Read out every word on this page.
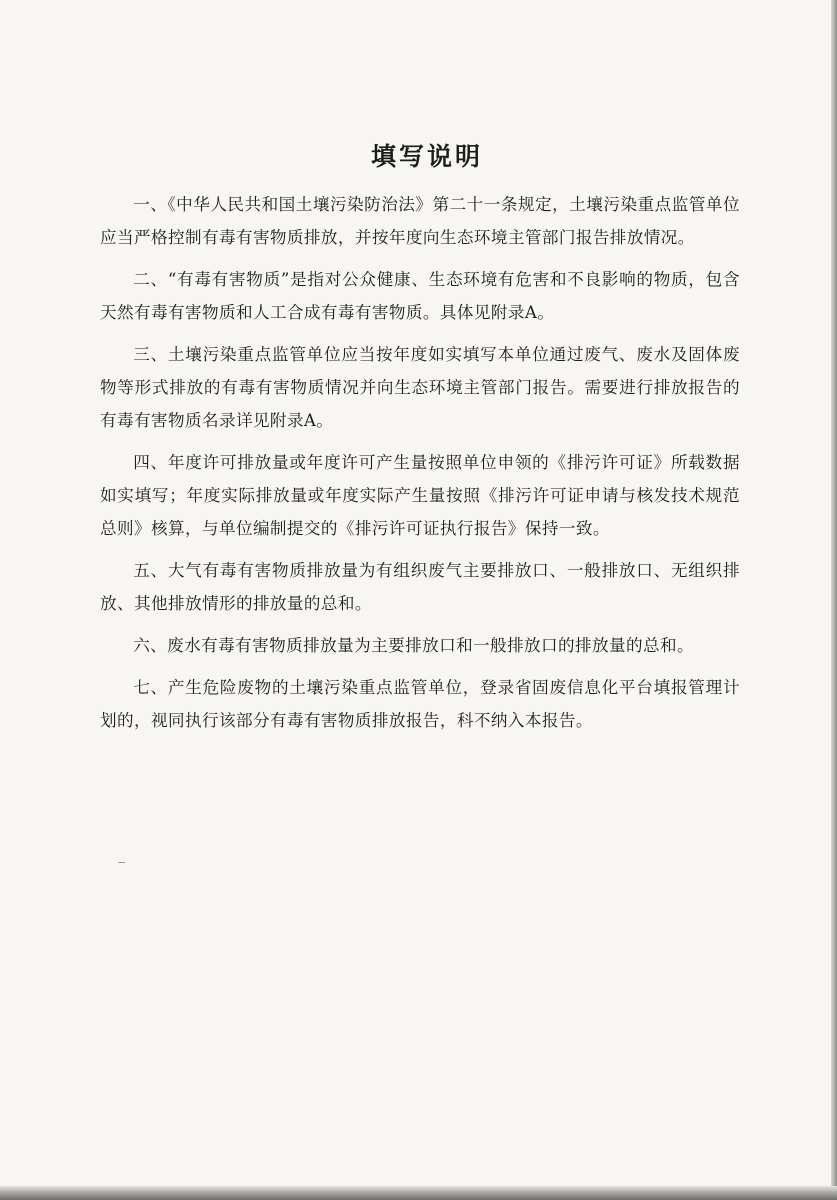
填写说明

一、《中华人民共和国土壤污染防治法》第二十一条规定，土壤污染重点监管单位应当严格控制有毒有害物质排放，并按年度向生态环境主管部门报告排放情况。

二、“有毒有害物质”是指对公众健康、生态环境有危害和不良影响的物质，包含天然有毒有害物质和人工合成有毒有害物质。具体见附录A。

三、土壤污染重点监管单位应当按年度如实填写本单位通过废气、废水及固体废物等形式排放的有毒有害物质情况并向生态环境主管部门报告。需要进行排放报告的有毒有害物质名录详见附录A。

四、年度许可排放量或年度许可产生量按照单位申领的《排污许可证》所载数据如实填写；年度实际排放量或年度实际产生量按照《排污许可证申请与核发技术规范 总则》核算，与单位编制提交的《排污许可证执行报告》保持一致。

五、大气有毒有害物质排放量为有组织废气主要排放口、一般排放口、无组织排放、其他排放情形的排放量的总和。

六、废水有毒有害物质排放量为主要排放口和一般排放口的排放量的总和。

七、产生危险废物的土壤污染重点监管单位，登录省固废信息化平台填报管理计划的，视同执行该部分有毒有害物质排放报告，科不纳入本报告。
